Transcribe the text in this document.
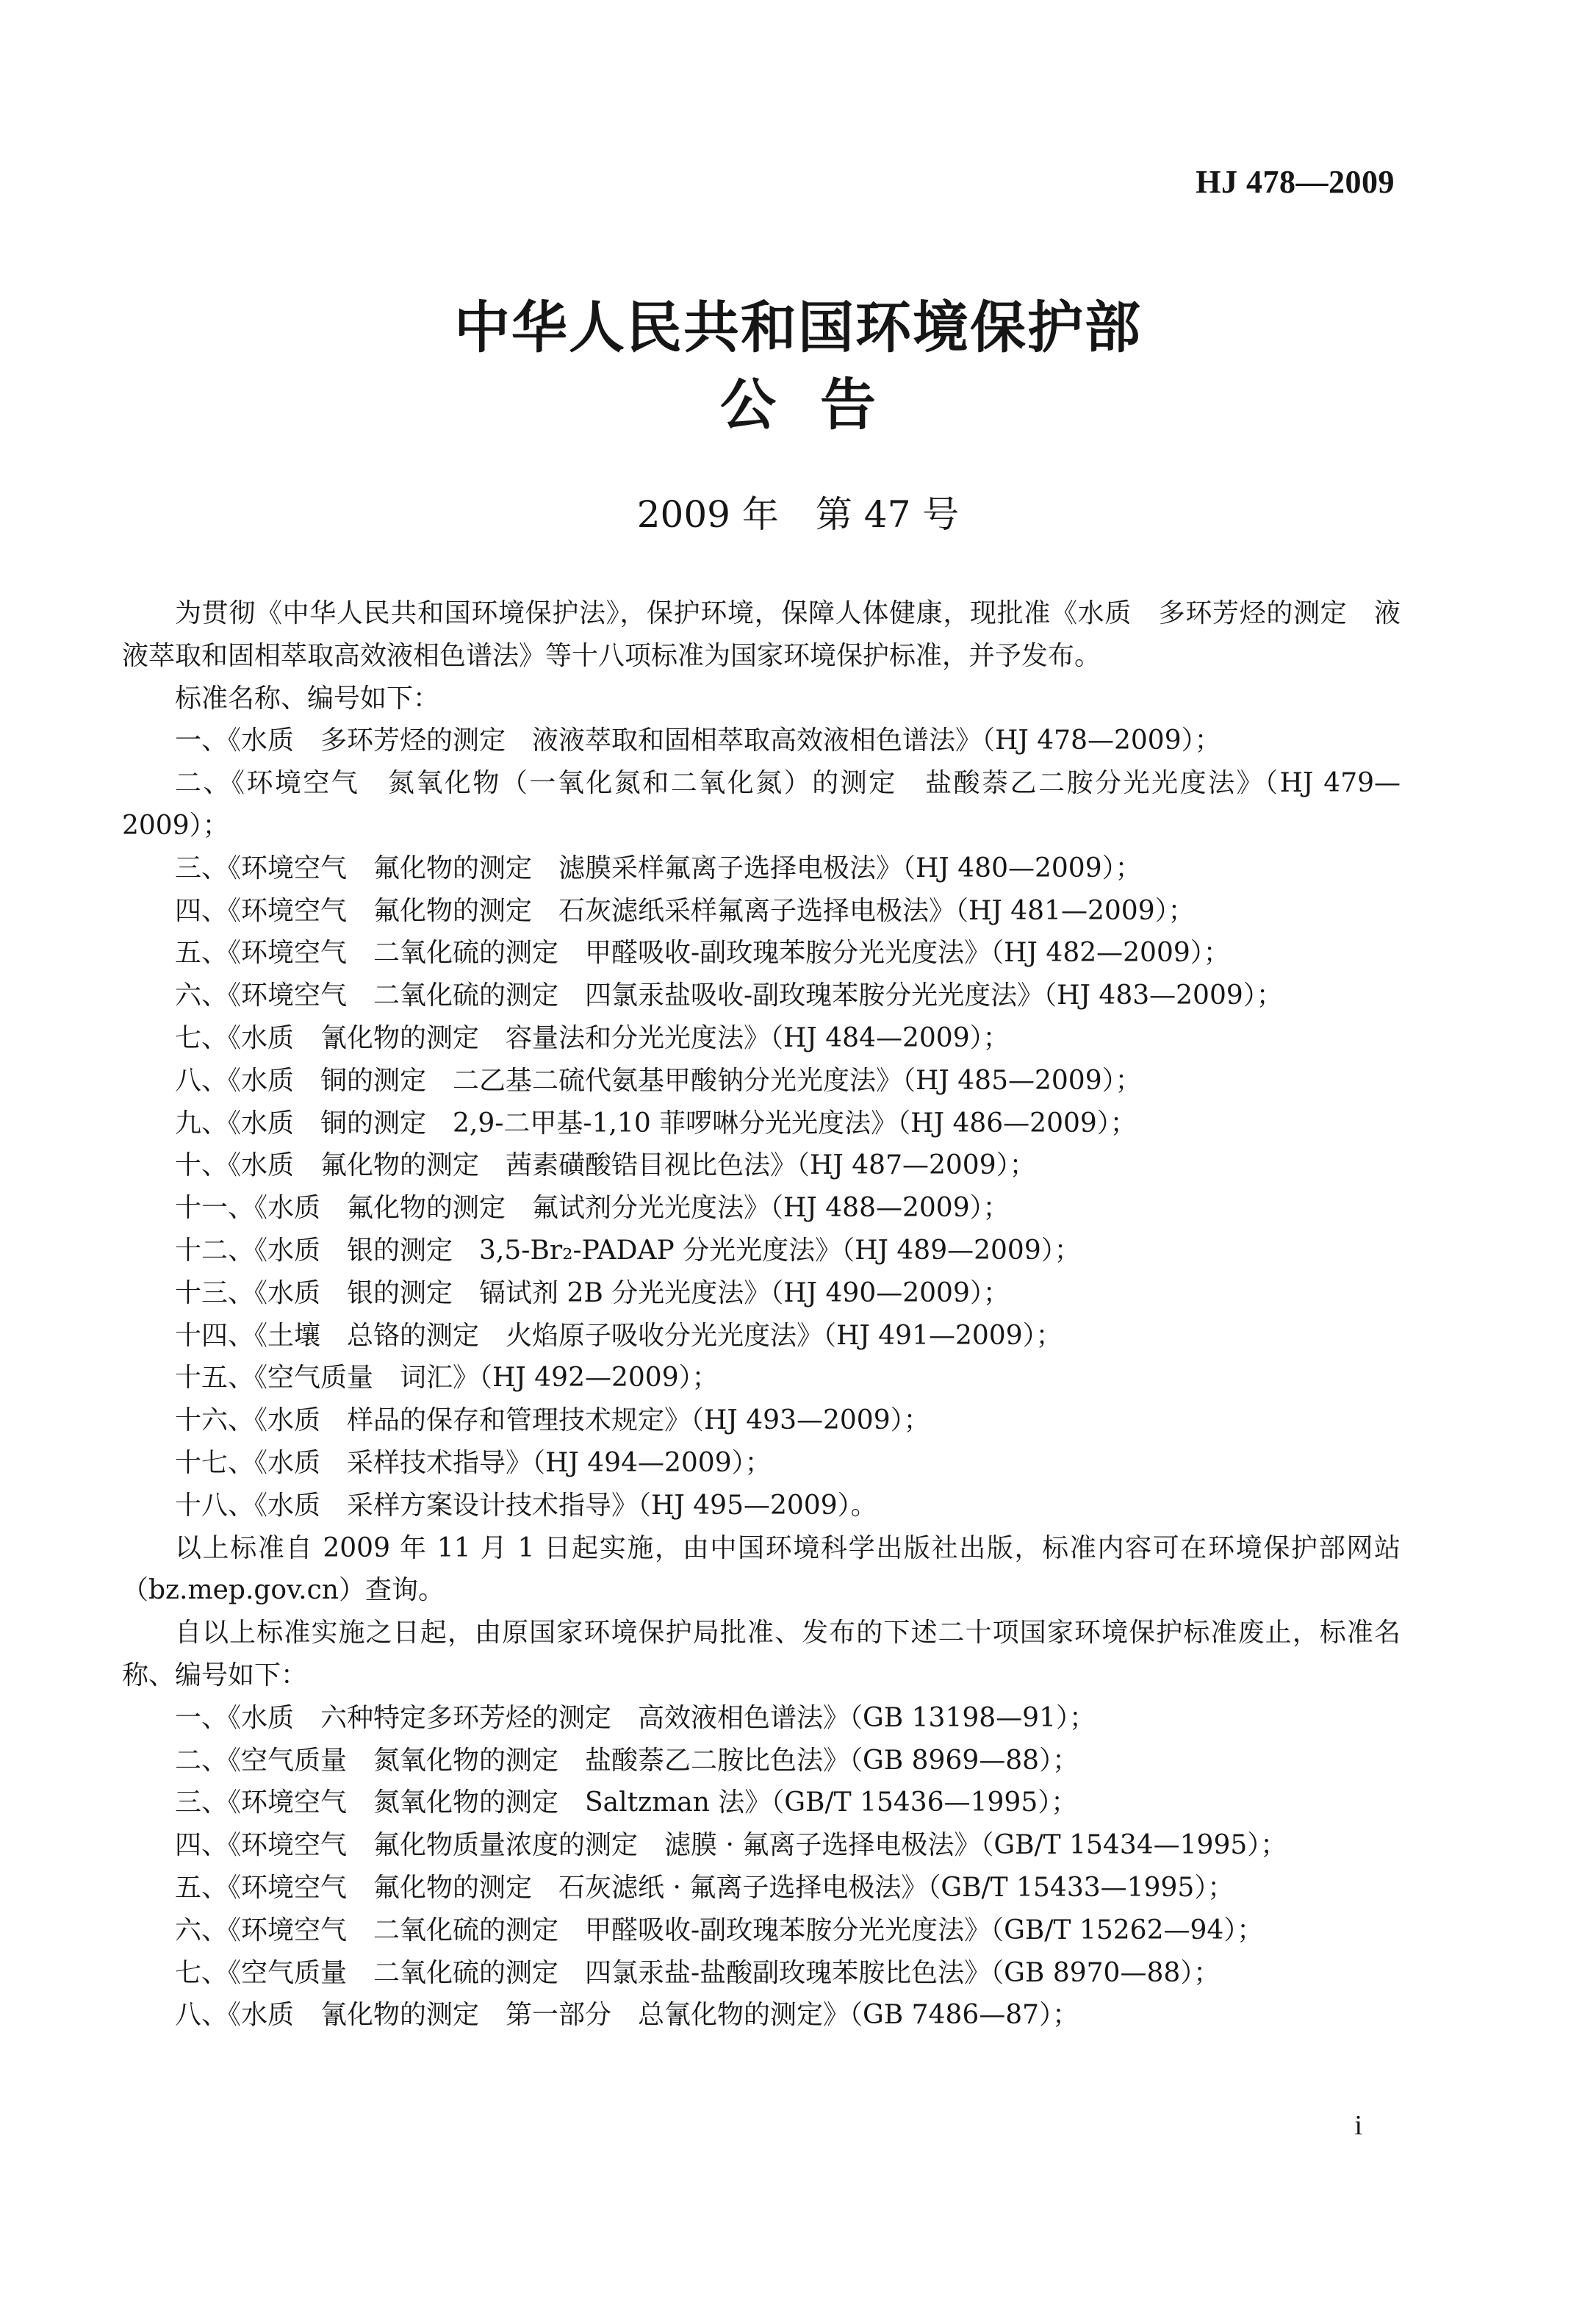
HJ 478—2009
中华人民共和国环境保护部
公告
2009 年　第 47 号

为贯彻《中华人民共和国环境保护法》，保护环境，保障人体健康，现批准《水质　多环芳烃的测定　液液萃取和固相萃取高效液相色谱法》等十八项标准为国家环境保护标准，并予发布。

标准名称、编号如下：

一、《水质　多环芳烃的测定　液液萃取和固相萃取高效液相色谱法》（HJ 478—2009）；

二、《环境空气　氮氧化物（一氧化氮和二氧化氮）的测定　盐酸萘乙二胺分光光度法》（HJ 479—2009）；

三、《环境空气　氟化物的测定　滤膜采样氟离子选择电极法》（HJ 480—2009）；

四、《环境空气　氟化物的测定　石灰滤纸采样氟离子选择电极法》（HJ 481—2009）；

五、《环境空气　二氧化硫的测定　甲醛吸收-副玫瑰苯胺分光光度法》（HJ 482—2009）；

六、《环境空气　二氧化硫的测定　四氯汞盐吸收-副玫瑰苯胺分光光度法》（HJ 483—2009）；

七、《水质　氰化物的测定　容量法和分光光度法》（HJ 484—2009）；

八、《水质　铜的测定　二乙基二硫代氨基甲酸钠分光光度法》（HJ 485—2009）；

九、《水质　铜的测定　2,9-二甲基-1,10 菲啰啉分光光度法》（HJ 486—2009）；

十、《水质　氟化物的测定　茜素磺酸锆目视比色法》（HJ 487—2009）；

十一、《水质　氟化物的测定　氟试剂分光光度法》（HJ 488—2009）；

十二、《水质　银的测定　3,5-Br₂-PADAP 分光光度法》（HJ 489—2009）；

十三、《水质　银的测定　镉试剂 2B 分光光度法》（HJ 490—2009）；

十四、《土壤　总铬的测定　火焰原子吸收分光光度法》（HJ 491—2009）；

十五、《空气质量　词汇》（HJ 492—2009）；

十六、《水质　样品的保存和管理技术规定》（HJ 493—2009）；

十七、《水质　采样技术指导》（HJ 494—2009）；

十八、《水质　采样方案设计技术指导》（HJ 495—2009）。

以上标准自 2009 年 11 月 1 日起实施，由中国环境科学出版社出版，标准内容可在环境保护部网站（bz.mep.gov.cn）查询。

自以上标准实施之日起，由原国家环境保护局批准、发布的下述二十项国家环境保护标准废止，标准名称、编号如下：

一、《水质　六种特定多环芳烃的测定　高效液相色谱法》（GB 13198—91）；

二、《空气质量　氮氧化物的测定　盐酸萘乙二胺比色法》（GB 8969—88）；

三、《环境空气　氮氧化物的测定　Saltzman 法》（GB/T 15436—1995）；

四、《环境空气　氟化物质量浓度的测定　滤膜 · 氟离子选择电极法》（GB/T 15434—1995）；

五、《环境空气　氟化物的测定　石灰滤纸 · 氟离子选择电极法》（GB/T 15433—1995）；

六、《环境空气　二氧化硫的测定　甲醛吸收-副玫瑰苯胺分光光度法》（GB/T 15262—94）；

七、《空气质量　二氧化硫的测定　四氯汞盐-盐酸副玫瑰苯胺比色法》（GB 8970—88）；

八、《水质　氰化物的测定　第一部分　总氰化物的测定》（GB 7486—87）；

i
